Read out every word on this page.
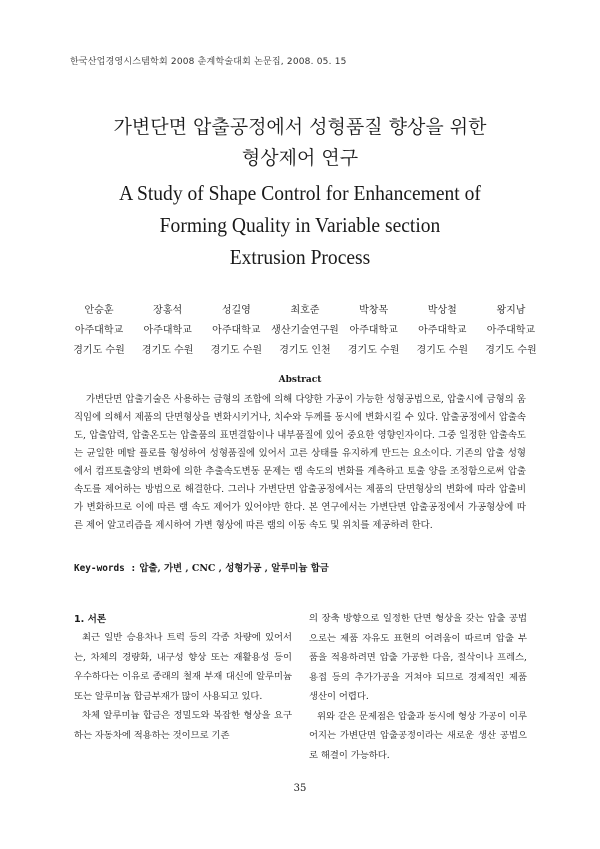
한국산업경영시스템학회 2008 춘계학술대회 논문집, 2008. 05. 15
가변단면 압출공정에서 성형품질 향상을 위한
형상제어 연구
A Study of Shape Control for Enhancement of
Forming Quality in Variable section
Extrusion Process
안승훈	장홍석	성길영	최호준	박창목	박상철	왕지남
아주대학교	아주대학교	아주대학교	생산기술연구원	아주대학교	아주대학교	아주대학교
경기도 수원	경기도 수원	경기도 수원	경기도 인천	경기도 수원	경기도 수원	경기도 수원
Abstract
가변단면 압출기술은 사용하는 금형의 조합에 의해 다양한 가공이 가능한 성형공법으로, 압출시에 금형의 움직임에 의해서 제품의 단면형상을 변화시키거나, 치수와 두께를 동시에 변화시킬 수 있다. 압출공정에서 압출속도, 압출압력, 압출온도는 압출품의 표면결함이나 내부품질에 있어 중요한 영향인자이다. 그중 일정한 압출속도는 균일한 메탈 플로를 형성하여 성형품질에 있어서 고른 상태를 유지하게 만드는 요소이다. 기존의 압출 성형에서 컴프토출양의 변화에 의한 추출속도변동 문제는 램 속도의 변화를 계측하고 토출 양을 조정함으로써 압출속도를 제어하는 방법으로 해결한다. 그러나 가변단면 압출공정에서는 제품의 단면형상의 변화에 따라 압출비가 변화하므로 이에 따른 램 속도 제어가 있어야만 한다. 본 연구에서는 가변단면 압출공정에서 가공형상에 따른 제어 알고리즘을 제시하여 가변 형상에 따른 램의 이동 속도 및 위치를 제공하려 한다.
Key-words : 압출, 가변 , CNC , 성형가공 , 알루미늄 합금
1. 서론

최근 일반 승용차나 트럭 등의 각종 차량에 있어서는, 차체의 경량화, 내구성 향상 또는 재활용성 등이 우수하다는 이유로 종래의 철재 부재 대신에 알루미늄 또는 알루미늄 합금부재가 많이 사용되고 있다.

차체 알루미늄 합금은 정밀도와 복잡한 형상을 요구하는 자동차에 적용하는 것이므로 기존

의 장축 방향으로 일정한 단면 형상을 갖는 압출 공법으로는 제품 자유도 표현의 어려움이 따르며 압출 부품을 적용하려면 압출 가공한 다음, 절삭이나 프레스, 용접 등의 추가가공을 거쳐야 되므로 경제적인 제품 생산이 어렵다.

위와 같은 문제점은 압출과 동시에 형상 가공이 이루어지는 가변단면 압출공정이라는 새로운 생산 공법으로 해결이 가능하다.

35
